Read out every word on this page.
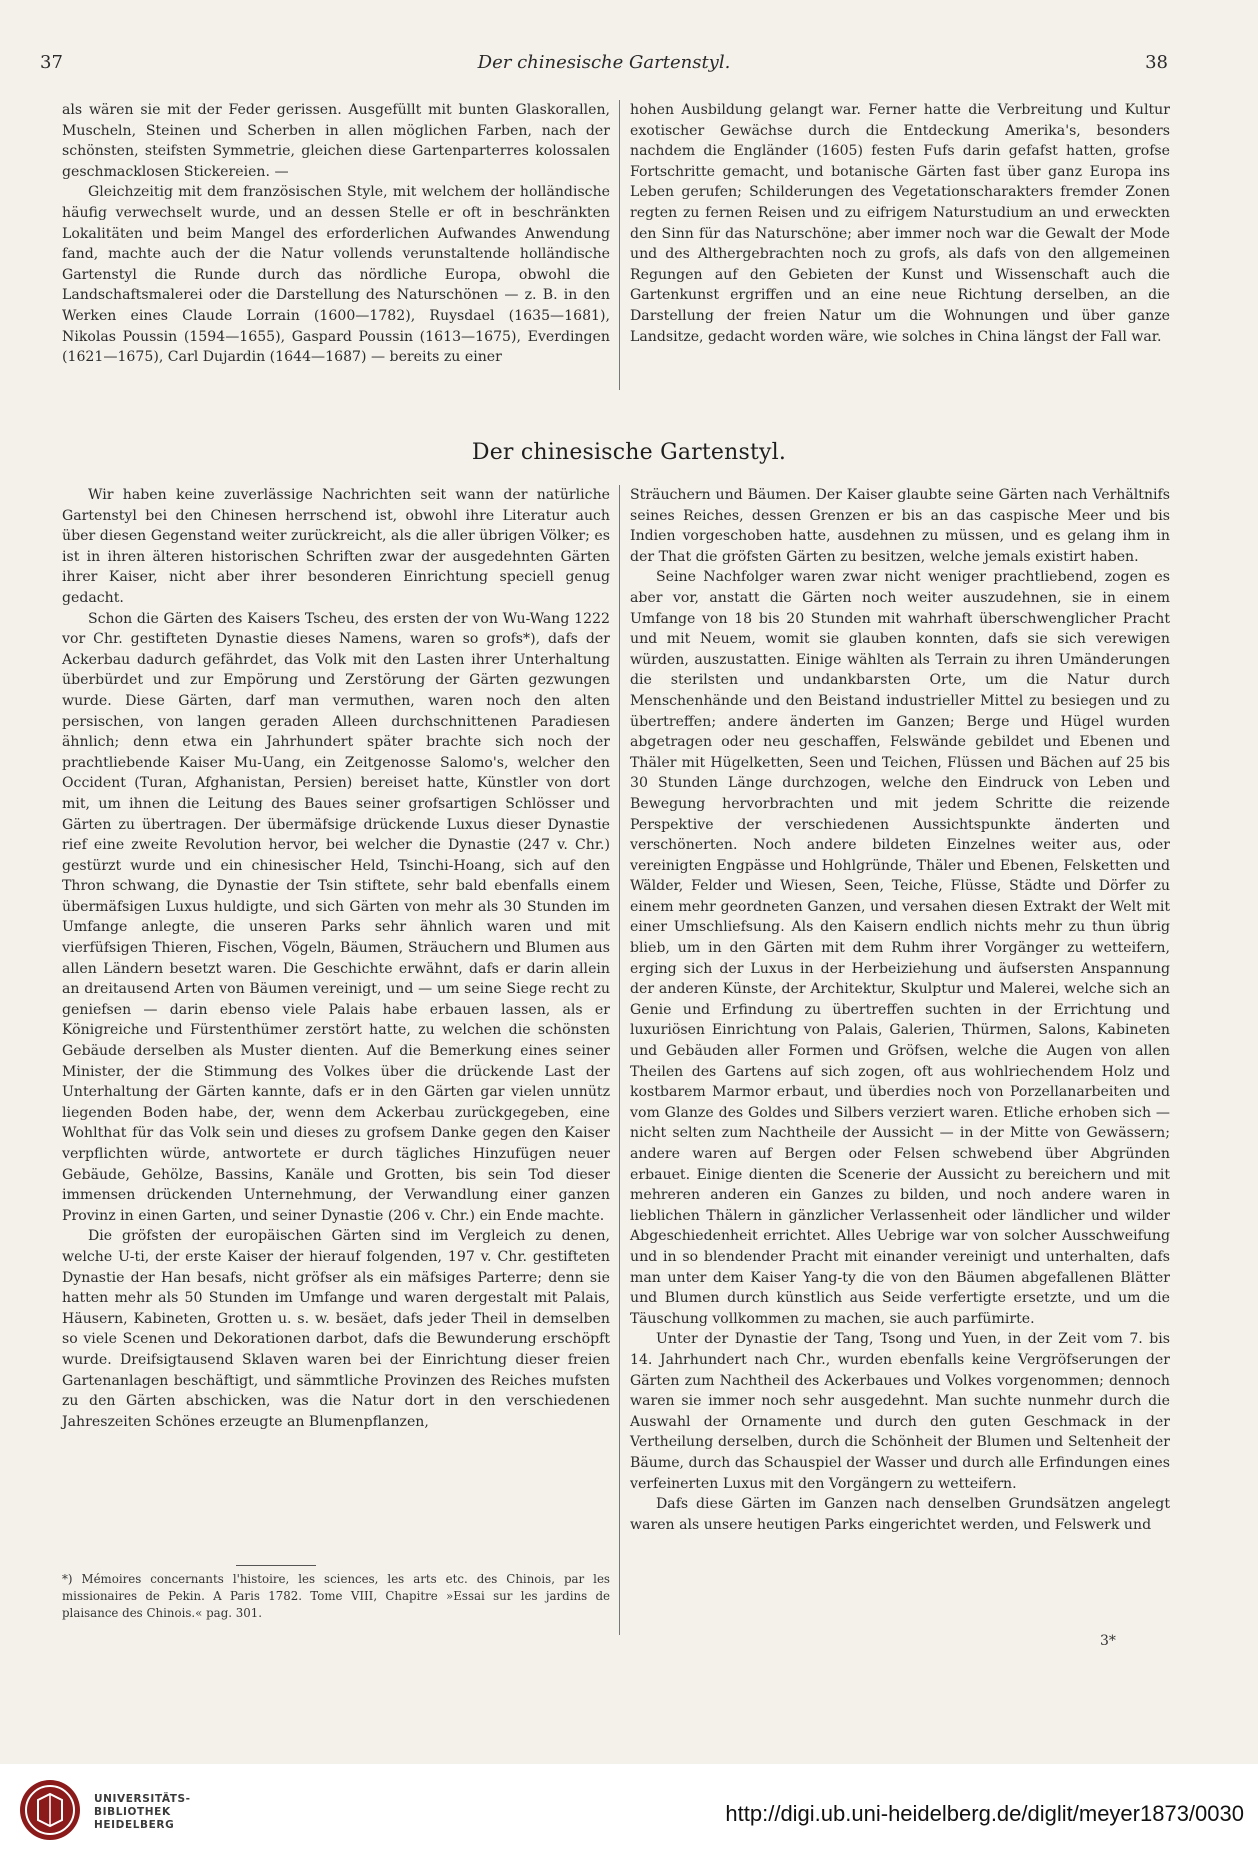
37	Der chinesische Gartenstyl.	38

als wären sie mit der Feder gerissen. Ausgefüllt mit bunten Glaskorallen, Muscheln, Steinen und Scherben in allen möglichen Farben, nach der schönsten, steifsten Symmetrie, gleichen diese Gartenparterres kolossalen geschmacklosen Stickereien. —

Gleichzeitig mit dem französischen Style, mit welchem der holländische häufig verwechselt wurde, und an dessen Stelle er oft in beschränkten Lokalitäten und beim Mangel des erforderlichen Aufwandes Anwendung fand, machte auch der die Natur vollends verunstaltende holländische Gartenstyl die Runde durch das nördliche Europa, obwohl die Landschaftsmalerei oder die Darstellung des Naturschönen — z. B. in den Werken eines Claude Lorrain (1600—1782), Ruysdael (1635—1681), Nikolas Poussin (1594—1655), Gaspard Poussin (1613—1675), Everdingen (1621—1675), Carl Dujardin (1644—1687) — bereits zu einer

hohen Ausbildung gelangt war. Ferner hatte die Verbreitung und Kultur exotischer Gewächse durch die Entdeckung Amerika's, besonders nachdem die Engländer (1605) festen Fufs darin gefafst hatten, grofse Fortschritte gemacht, und botanische Gärten fast über ganz Europa ins Leben gerufen; Schilderungen des Vegetationscharakters fremder Zonen regten zu fernen Reisen und zu eifrigem Naturstudium an und erweckten den Sinn für das Naturschöne; aber immer noch war die Gewalt der Mode und des Althergebrachten noch zu grofs, als dafs von den allgemeinen Regungen auf den Gebieten der Kunst und Wissenschaft auch die Gartenkunst ergriffen und an eine neue Richtung derselben, an die Darstellung der freien Natur um die Wohnungen und über ganze Landsitze, gedacht worden wäre, wie solches in China längst der Fall war.

Der chinesische Gartenstyl.

Wir haben keine zuverlässige Nachrichten seit wann der natürliche Gartenstyl bei den Chinesen herrschend ist, obwohl ihre Literatur auch über diesen Gegenstand weiter zurückreicht, als die aller übrigen Völker; es ist in ihren älteren historischen Schriften zwar der ausgedehnten Gärten ihrer Kaiser, nicht aber ihrer besonderen Einrichtung speciell genug gedacht.

Schon die Gärten des Kaisers Tscheu, des ersten der von Wu-Wang 1222 vor Chr. gestifteten Dynastie dieses Namens, waren so grofs*), dafs der Ackerbau dadurch gefährdet, das Volk mit den Lasten ihrer Unterhaltung überbürdet und zur Empörung und Zerstörung der Gärten gezwungen wurde. Diese Gärten, darf man vermuthen, waren noch den alten persischen, von langen geraden Alleen durchschnittenen Paradiesen ähnlich; denn etwa ein Jahrhundert später brachte sich noch der prachtliebende Kaiser Mu-Uang, ein Zeitgenosse Salomo's, welcher den Occident (Turan, Afghanistan, Persien) bereiset hatte, Künstler von dort mit, um ihnen die Leitung des Baues seiner grofsartigen Schlösser und Gärten zu übertragen. Der übermäfsige drückende Luxus dieser Dynastie rief eine zweite Revolution hervor, bei welcher die Dynastie (247 v. Chr.) gestürzt wurde und ein chinesischer Held, Tsinchi-Hoang, sich auf den Thron schwang, die Dynastie der Tsin stiftete, sehr bald ebenfalls einem übermäfsigen Luxus huldigte, und sich Gärten von mehr als 30 Stunden im Umfange anlegte, die unseren Parks sehr ähnlich waren und mit vierfüfsigen Thieren, Fischen, Vögeln, Bäumen, Sträuchern und Blumen aus allen Ländern besetzt waren. Die Geschichte erwähnt, dafs er darin allein an dreitausend Arten von Bäumen vereinigt, und — um seine Siege recht zu geniefsen — darin ebenso viele Palais habe erbauen lassen, als er Königreiche und Fürstenthümer zerstört hatte, zu welchen die schönsten Gebäude derselben als Muster dienten. Auf die Bemerkung eines seiner Minister, der die Stimmung des Volkes über die drückende Last der Unterhaltung der Gärten kannte, dafs er in den Gärten gar vielen unnütz liegenden Boden habe, der, wenn dem Ackerbau zurückgegeben, eine Wohlthat für das Volk sein und dieses zu grofsem Danke gegen den Kaiser verpflichten würde, antwortete er durch tägliches Hinzufügen neuer Gebäude, Gehölze, Bassins, Kanäle und Grotten, bis sein Tod dieser immensen drückenden Unternehmung, der Verwandlung einer ganzen Provinz in einen Garten, und seiner Dynastie (206 v. Chr.) ein Ende machte.

Die gröfsten der europäischen Gärten sind im Vergleich zu denen, welche U-ti, der erste Kaiser der hierauf folgenden, 197 v. Chr. gestifteten Dynastie der Han besafs, nicht gröfser als ein mäfsiges Parterre; denn sie hatten mehr als 50 Stunden im Umfange und waren dergestalt mit Palais, Häusern, Kabineten, Grotten u. s. w. besäet, dafs jeder Theil in demselben so viele Scenen und Dekorationen darbot, dafs die Bewunderung erschöpft wurde. Dreifsigtausend Sklaven waren bei der Einrichtung dieser freien Gartenanlagen beschäftigt, und sämmtliche Provinzen des Reiches mufsten zu den Gärten abschicken, was die Natur dort in den verschiedenen Jahreszeiten Schönes erzeugte an Blumenpflanzen,

Sträuchern und Bäumen. Der Kaiser glaubte seine Gärten nach Verhältnifs seines Reiches, dessen Grenzen er bis an das caspische Meer und bis Indien vorgeschoben hatte, ausdehnen zu müssen, und es gelang ihm in der That die gröfsten Gärten zu besitzen, welche jemals existirt haben.

Seine Nachfolger waren zwar nicht weniger prachtliebend, zogen es aber vor, anstatt die Gärten noch weiter auszudehnen, sie in einem Umfange von 18 bis 20 Stunden mit wahrhaft überschwenglicher Pracht und mit Neuem, womit sie glauben konnten, dafs sie sich verewigen würden, auszustatten. Einige wählten als Terrain zu ihren Umänderungen die sterilsten und undankbarsten Orte, um die Natur durch Menschenhände und den Beistand industrieller Mittel zu besiegen und zu übertreffen; andere änderten im Ganzen; Berge und Hügel wurden abgetragen oder neu geschaffen, Felswände gebildet und Ebenen und Thäler mit Hügelketten, Seen und Teichen, Flüssen und Bächen auf 25 bis 30 Stunden Länge durchzogen, welche den Eindruck von Leben und Bewegung hervorbrachten und mit jedem Schritte die reizende Perspektive der verschiedenen Aussichtspunkte änderten und verschönerten. Noch andere bildeten Einzelnes weiter aus, oder vereinigten Engpässe und Hohlgründe, Thäler und Ebenen, Felsketten und Wälder, Felder und Wiesen, Seen, Teiche, Flüsse, Städte und Dörfer zu einem mehr geordneten Ganzen, und versahen diesen Extrakt der Welt mit einer Umschliefsung. Als den Kaisern endlich nichts mehr zu thun übrig blieb, um in den Gärten mit dem Ruhm ihrer Vorgänger zu wetteifern, erging sich der Luxus in der Herbeiziehung und äufsersten Anspannung der anderen Künste, der Architektur, Skulptur und Malerei, welche sich an Genie und Erfindung zu übertreffen suchten in der Errichtung und luxuriösen Einrichtung von Palais, Galerien, Thürmen, Salons, Kabineten und Gebäuden aller Formen und Gröfsen, welche die Augen von allen Theilen des Gartens auf sich zogen, oft aus wohlriechendem Holz und kostbarem Marmor erbaut, und überdies noch von Porzellanarbeiten und vom Glanze des Goldes und Silbers verziert waren. Etliche erhoben sich — nicht selten zum Nachtheile der Aussicht — in der Mitte von Gewässern; andere waren auf Bergen oder Felsen schwebend über Abgründen erbauet. Einige dienten die Scenerie der Aussicht zu bereichern und mit mehreren anderen ein Ganzes zu bilden, und noch andere waren in lieblichen Thälern in gänzlicher Verlassenheit oder ländlicher und wilder Abgeschiedenheit errichtet. Alles Uebrige war von solcher Ausschweifung und in so blendender Pracht mit einander vereinigt und unterhalten, dafs man unter dem Kaiser Yang-ty die von den Bäumen abgefallenen Blätter und Blumen durch künstlich aus Seide verfertigte ersetzte, und um die Täuschung vollkommen zu machen, sie auch parfümirte.

Unter der Dynastie der Tang, Tsong und Yuen, in der Zeit vom 7. bis 14. Jahrhundert nach Chr., wurden ebenfalls keine Vergröfserungen der Gärten zum Nachtheil des Ackerbaues und Volkes vorgenommen; dennoch waren sie immer noch sehr ausgedehnt. Man suchte nunmehr durch die Auswahl der Ornamente und durch den guten Geschmack in der Vertheilung derselben, durch die Schönheit der Blumen und Seltenheit der Bäume, durch das Schauspiel der Wasser und durch alle Erfindungen eines verfeinerten Luxus mit den Vorgängern zu wetteifern.

Dafs diese Gärten im Ganzen nach denselben Grundsätzen angelegt waren als unsere heutigen Parks eingerichtet werden, und Felswerk und

*) Mémoires concernants l'histoire, les sciences, les arts etc. des Chinois, par les missionaires de Pekin. A Paris 1782. Tome VIII, Chapitre »Essai sur les jardins de plaisance des Chinois.« pag. 301.
3*
UNIVERSITÄTS-
BIBLIOTHEK
HEIDELBERG	http://digi.ub.uni-heidelberg.de/diglit/meyer1873/0030
